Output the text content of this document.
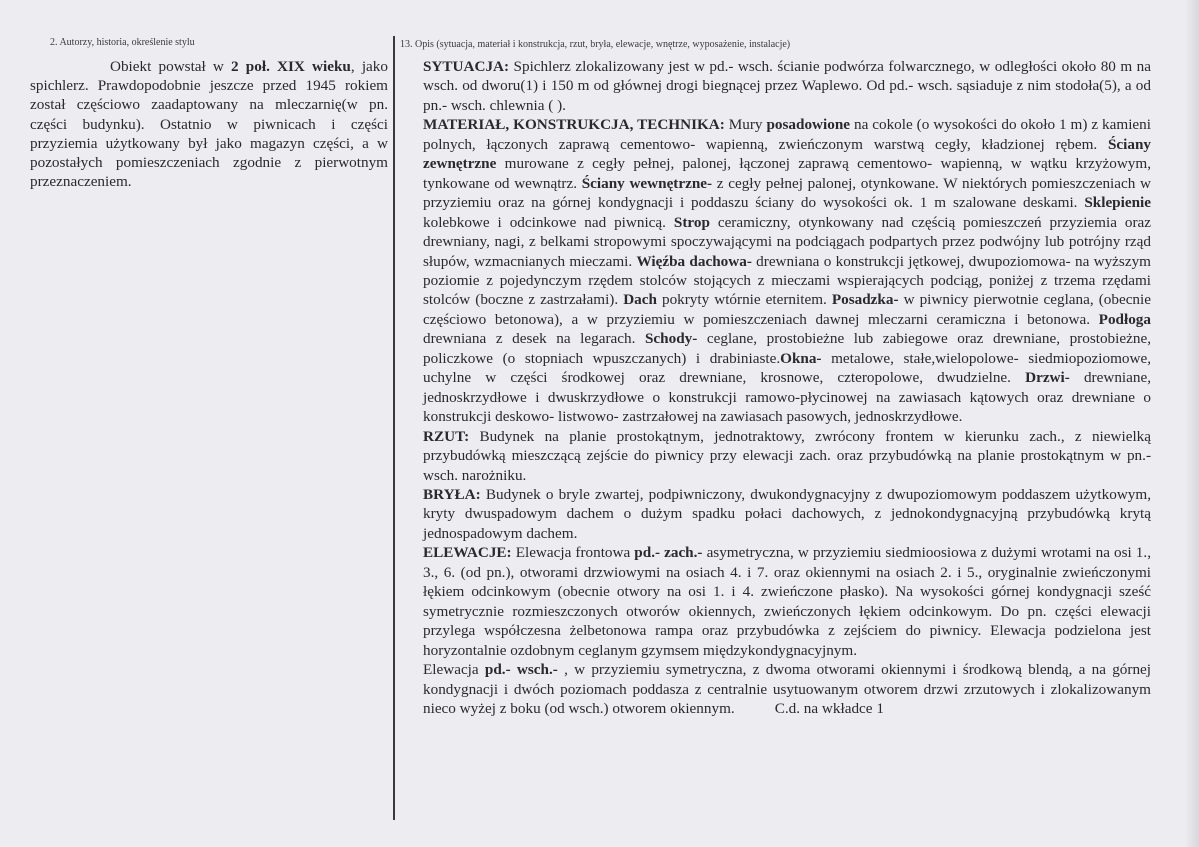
2. Autorzy, historia, określenie stylu

Obiekt powstał w 2 poł. XIX wieku, jako spichlerz. Prawdopodobnie jeszcze przed 1945 rokiem został częściowo zaadaptowany na mleczarnię(w pn. części budynku). Ostatnio w piwnicach i części przyziemia użytkowany był jako magazyn części, a w pozostałych pomieszczeniach zgodnie z pierwotnym przeznaczeniem.

13. Opis (sytuacja, materiał i konstrukcja, rzut, bryła, elewacje, wnętrze, wyposażenie, instalacje)

SYTUACJA: Spichlerz zlokalizowany jest w pd.- wsch. ścianie podwórza folwarcznego, w odległości około 80 m na wsch. od dworu(1) i 150 m od głównej drogi biegnącej przez Waplewo. Od pd.- wsch. sąsiaduje z nim stodoła(5), a od pn.- wsch. chlewnia ( ).

MATERIAŁ, KONSTRUKCJA, TECHNIKA: Mury posadowione na cokole (o wysokości do około 1 m) z kamieni polnych, łączonych zaprawą cementowo- wapienną, zwieńczonym warstwą cegły, kładzionej rębem. Ściany zewnętrzne murowane z cegły pełnej, palonej, łączonej zaprawą cementowo- wapienną, w wątku krzyżowym, tynkowane od wewnątrz. Ściany wewnętrzne- z cegły pełnej palonej, otynkowane. W niektórych pomieszczeniach w przyziemiu oraz na górnej kondygnacji i poddaszu ściany do wysokości ok. 1 m szalowane deskami. Sklepienie kolebkowe i odcinkowe nad piwnicą. Strop ceramiczny, otynkowany nad częścią pomieszczeń przyziemia oraz drewniany, nagi, z belkami stropowymi spoczywającymi na podciągach podpartych przez podwójny lub potrójny rząd słupów, wzmacnianych mieczami. Więźba dachowa- drewniana o konstrukcji jętkowej, dwupoziomowa- na wyższym poziomie z pojedynczym rzędem stolców stojących z mieczami wspierających podciąg, poniżej z trzema rzędami stolców (boczne z zastrzałami). Dach pokryty wtórnie eternitem. Posadzka- w piwnicy pierwotnie ceglana, (obecnie częściowo betonowa), a w przyziemiu w pomieszczeniach dawnej mleczarni ceramiczna i betonowa. Podłoga drewniana z desek na legarach. Schody- ceglane, prostobieżne lub zabiegowe oraz drewniane, prostobieżne, policzkowe (o stopniach wpuszczanych) i drabiniaste.Okna- metalowe, stałe,wielopolowe- siedmiopoziomowe, uchylne w części środkowej oraz drewniane, krosnowe, czteropolowe, dwudzielne. Drzwi- drewniane, jednoskrzydłowe i dwuskrzydłowe o konstrukcji ramowo-płycinowej na zawiasach kątowych oraz drewniane o konstrukcji deskowo- listwowo- zastrzałowej na zawiasach pasowych, jednoskrzydłowe.

RZUT: Budynek na planie prostokątnym, jednotraktowy, zwrócony frontem w kierunku zach., z niewielką przybudówką mieszczącą zejście do piwnicy przy elewacji zach. oraz przybudówką na planie prostokątnym w pn.- wsch. narożniku.

BRYŁA: Budynek o bryle zwartej, podpiwniczony, dwukondygnacyjny z dwupoziomowym poddaszem użytkowym, kryty dwuspadowym dachem o dużym spadku połaci dachowych, z jednokondygnacyjną przybudówką krytą jednospadowym dachem.

ELEWACJE: Elewacja frontowa pd.- zach.- asymetryczna, w przyziemiu siedmioosiowa z dużymi wrotami na osi 1., 3., 6. (od pn.), otworami drzwiowymi na osiach 4. i 7. oraz okiennymi na osiach 2. i 5., oryginalnie zwieńczonymi łękiem odcinkowym (obecnie otwory na osi 1. i 4. zwieńczone płasko). Na wysokości górnej kondygnacji sześć symetrycznie rozmieszczonych otworów okiennych, zwieńczonych łękiem odcinkowym. Do pn. części elewacji przylega współczesna żelbetonowa rampa oraz przybudówka z zejściem do piwnicy. Elewacja podzielona jest horyzontalnie ozdobnym ceglanym gzymsem międzykondygnacyjnym.

Elewacja pd.- wsch.- , w przyziemiu symetryczna, z dwoma otworami okiennymi i środkową blendą, a na górnej kondygnacji i dwóch poziomach poddasza z centralnie usytuowanym otworem drzwi zrzutowych i zlokalizowanym nieco wyżej z boku (od wsch.) otworem okiennym.	C.d. na wkładce 1
